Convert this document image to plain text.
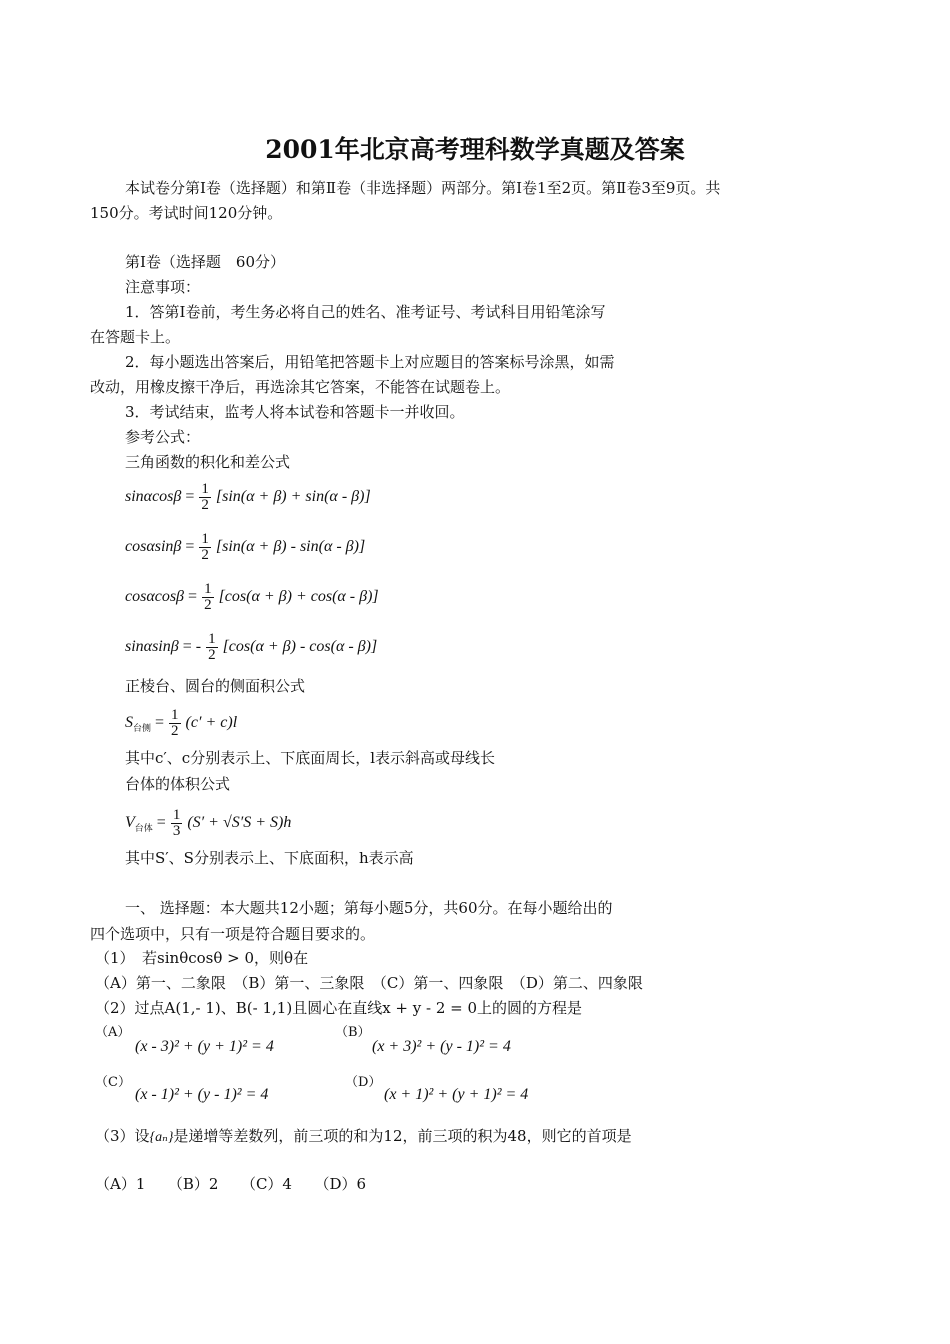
2001年北京高考理科数学真题及答案
本试卷分第Ⅰ卷（选择题）和第Ⅱ卷（非选择题）两部分。第Ⅰ卷1至2页。第Ⅱ卷3至9页。共
150分。考试时间120分钟。
第Ⅰ卷（选择题　60分）
注意事项：
1．答第Ⅰ卷前，考生务必将自己的姓名、准考证号、考试科目用铅笔涂写
在答题卡上。
2．每小题选出答案后，用铅笔把答题卡上对应题目的答案标号涂黑，如需
改动，用橡皮擦干净后，再选涂其它答案，不能答在试题卷上。
3．考试结束，监考人将本试卷和答题卡一并收回。
参考公式：
三角函数的积化和差公式
$\sin\alpha\cos\beta = \frac{1}{2} [\sin(\alpha + \beta) + \sin(\alpha - \beta)]$
$\cos\alpha\sin\beta = \frac{1}{2} [\sin(\alpha + \beta) - \sin(\alpha - \beta)]$
$\cos\alpha\cos\beta = \frac{1}{2} [\cos(\alpha + \beta) + \cos(\alpha - \beta)]$
sinαsinβ = - $\frac{1}{2} [\cos(\alpha + \beta) - \cos(\alpha - \beta)]$
正棱台、圆台的侧面积公式
$S_{台侧} = \frac{1}{2} (c' + c)l$
其中c′、c分别表示上、下底面周长，l表示斜高或母线长
台体的体积公式
$V_{台体} = \frac{1}{3} (S' + √S'S + S)h$
其中S′、S分别表示上、下底面积，h表示高
一、 选择题：本大题共12小题；第每小题5分，共60分。在每小题给出的
四个选项中，只有一项是符合题目要求的。
（1）　若sinθcosθ > 0，则θ在
（A）第一、二象限　（B）第一、三象限　（C）第一、四象限　（D）第二、四象限
（2）过点A(1,- 1)、B(- 1,1)且圆心在直线x + y - 2 = 0上的圆的方程是
（A）
(x - 3)² + (y + 1)² = 4
（B）
(x + 3)² + (y - 1)² = 4
（C）
(x - 1)² + (y - 1)² = 4
（D）
(x + 1)² + (y + 1)² = 4
（3）设{aₙ}是递增等差数列，前三项的和为12，前三项的积为48，则它的首项是
（A）1　　（B）2　　（C）4　　（D）6
